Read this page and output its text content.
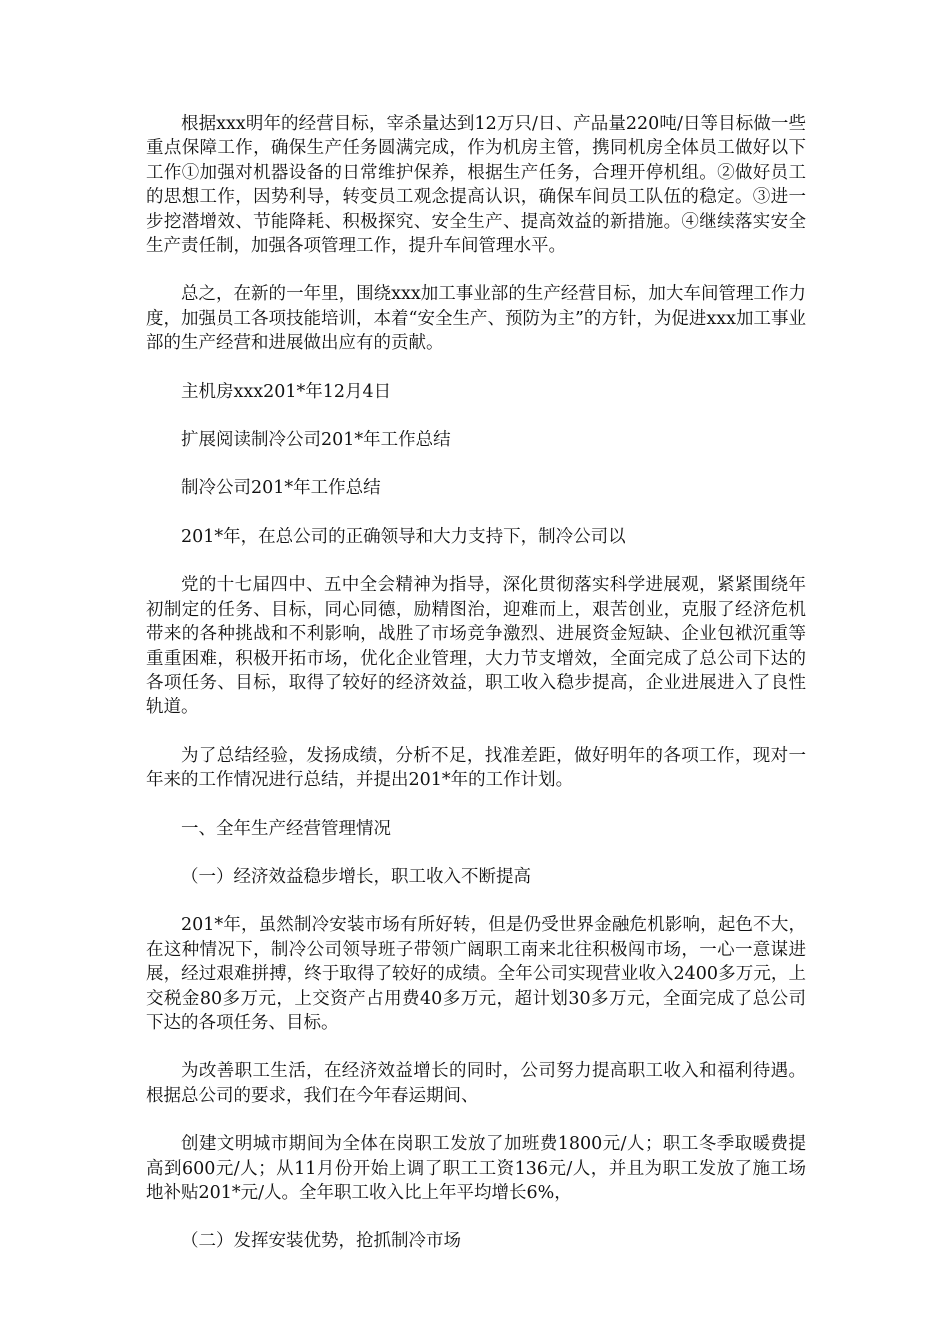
根据xxx明年的经营目标，宰杀量达到12万只/日、产品量220吨/日等目标做一些重点保障工作，确保生产任务圆满完成，作为机房主管，携同机房全体员工做好以下工作①加强对机器设备的日常维护保养，根据生产任务，合理开停机组。②做好员工的思想工作，因势利导，转变员工观念提高认识，确保车间员工队伍的稳定。③进一步挖潜增效、节能降耗、积极探究、安全生产、提高效益的新措施。④继续落实安全生产责任制，加强各项管理工作，提升车间管理水平。

总之，在新的一年里，围绕xxx加工事业部的生产经营目标，加大车间管理工作力度，加强员工各项技能培训，本着“安全生产、预防为主”的方针，为促进xxx加工事业部的生产经营和进展做出应有的贡献。

主机房xxx201*年12月4日

扩展阅读制冷公司201*年工作总结

制冷公司201*年工作总结

201*年，在总公司的正确领导和大力支持下，制冷公司以

党的十七届四中、五中全会精神为指导，深化贯彻落实科学进展观，紧紧围绕年初制定的任务、目标，同心同德，励精图治，迎难而上，艰苦创业，克服了经济危机带来的各种挑战和不利影响，战胜了市场竞争激烈、进展资金短缺、企业包袱沉重等重重困难，积极开拓市场，优化企业管理，大力节支增效，全面完成了总公司下达的各项任务、目标，取得了较好的经济效益，职工收入稳步提高，企业进展进入了良性轨道。

为了总结经验，发扬成绩，分析不足，找准差距，做好明年的各项工作，现对一年来的工作情况进行总结，并提出201*年的工作计划。

一、全年生产经营管理情况

（一）经济效益稳步增长，职工收入不断提高

201*年，虽然制冷安装市场有所好转，但是仍受世界金融危机影响，起色不大，在这种情况下，制冷公司领导班子带领广阔职工南来北往积极闯市场，一心一意谋进展，经过艰难拼搏，终于取得了较好的成绩。全年公司实现营业收入2400多万元，上交税金80多万元，上交资产占用费40多万元，超计划30多万元，全面完成了总公司下达的各项任务、目标。

为改善职工生活，在经济效益增长的同时，公司努力提高职工收入和福利待遇。根据总公司的要求，我们在今年春运期间、

创建文明城市期间为全体在岗职工发放了加班费1800元/人；职工冬季取暖费提高到600元/人；从11月份开始上调了职工工资136元/人，并且为职工发放了施工场地补贴201*元/人。全年职工收入比上年平均增长6%，

（二）发挥安装优势，抢抓制冷市场
